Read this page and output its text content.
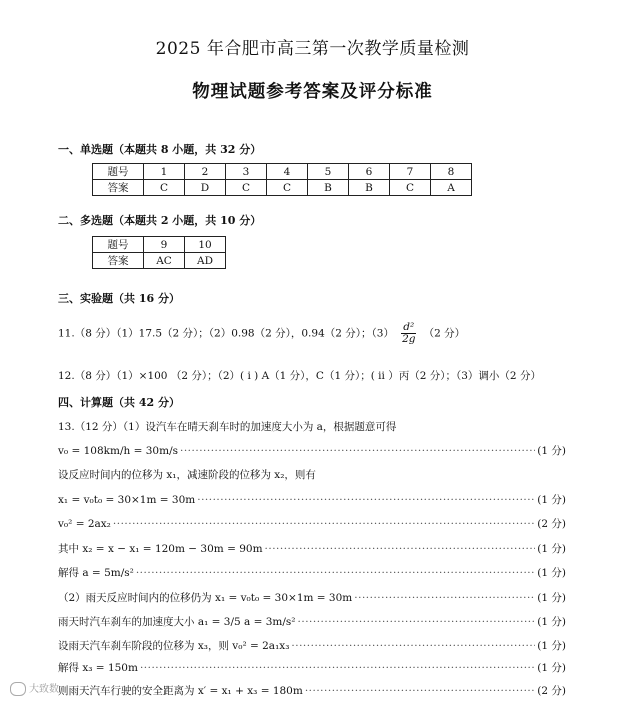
2025 年合肥市高三第一次教学质量检测
物理试题参考答案及评分标准
一、单选题（本题共 8 小题，共 32 分）
题号	1	2	3	4	5	6	7	8
答案	C	D	C	C	B	B	C	A
二、多选题（本题共 2 小题，共 10 分）
题号	9	10
答案	AC	AD
三、实验题（共 16 分）
11.（8 分）（1）17.5（2 分）；（2）0.98（2 分），0.94（2 分）；$(3) \frac{\text{d²}}{2g} (2$ 分）
12.（8 分）（1）×100 （2 分）；（2）( i ) A（1 分），C（1 分）；( ii ）丙（2 分）；（3）调小（2 分）
四、计算题（共 42 分）
13.（12 分）（1）设汽车在晴天刹车时的加速度大小为 a，根据题意可得
v₀ = 108km/h = 30m/s ·····	(1 分)
设反应时间内的位移为 x₁，减速阶段的位移为 x₂，则有
x₁ = v₀t₀ = 30×1m = 30m ·····	(1 分)
v₀² = 2ax₂ ·····	(2 分)
其中 x₂ = x − x₁ = 120m − 30m = 90m ·····	(1 分)
解得 a = 5m/s² ·····	(1 分)
（2）雨天反应时间内的位移仍为 x₁ = v₀t₀ = 30×1m = 30m ·····	(1 分)
雨天时汽车刹车的加速度大小 a₁ = 3/5 a = 3m/s² ·····	(1 分)
设雨天汽车刹车阶段的位移为 x₃，则 v₀² = 2a₁x₃ ·····	(1 分)
解得 x₃ = 150m ·····	(1 分)
则雨天汽车行驶的安全距离为 x′ = x₁ + x₃ = 180m ·····	(2 分)
大致数
